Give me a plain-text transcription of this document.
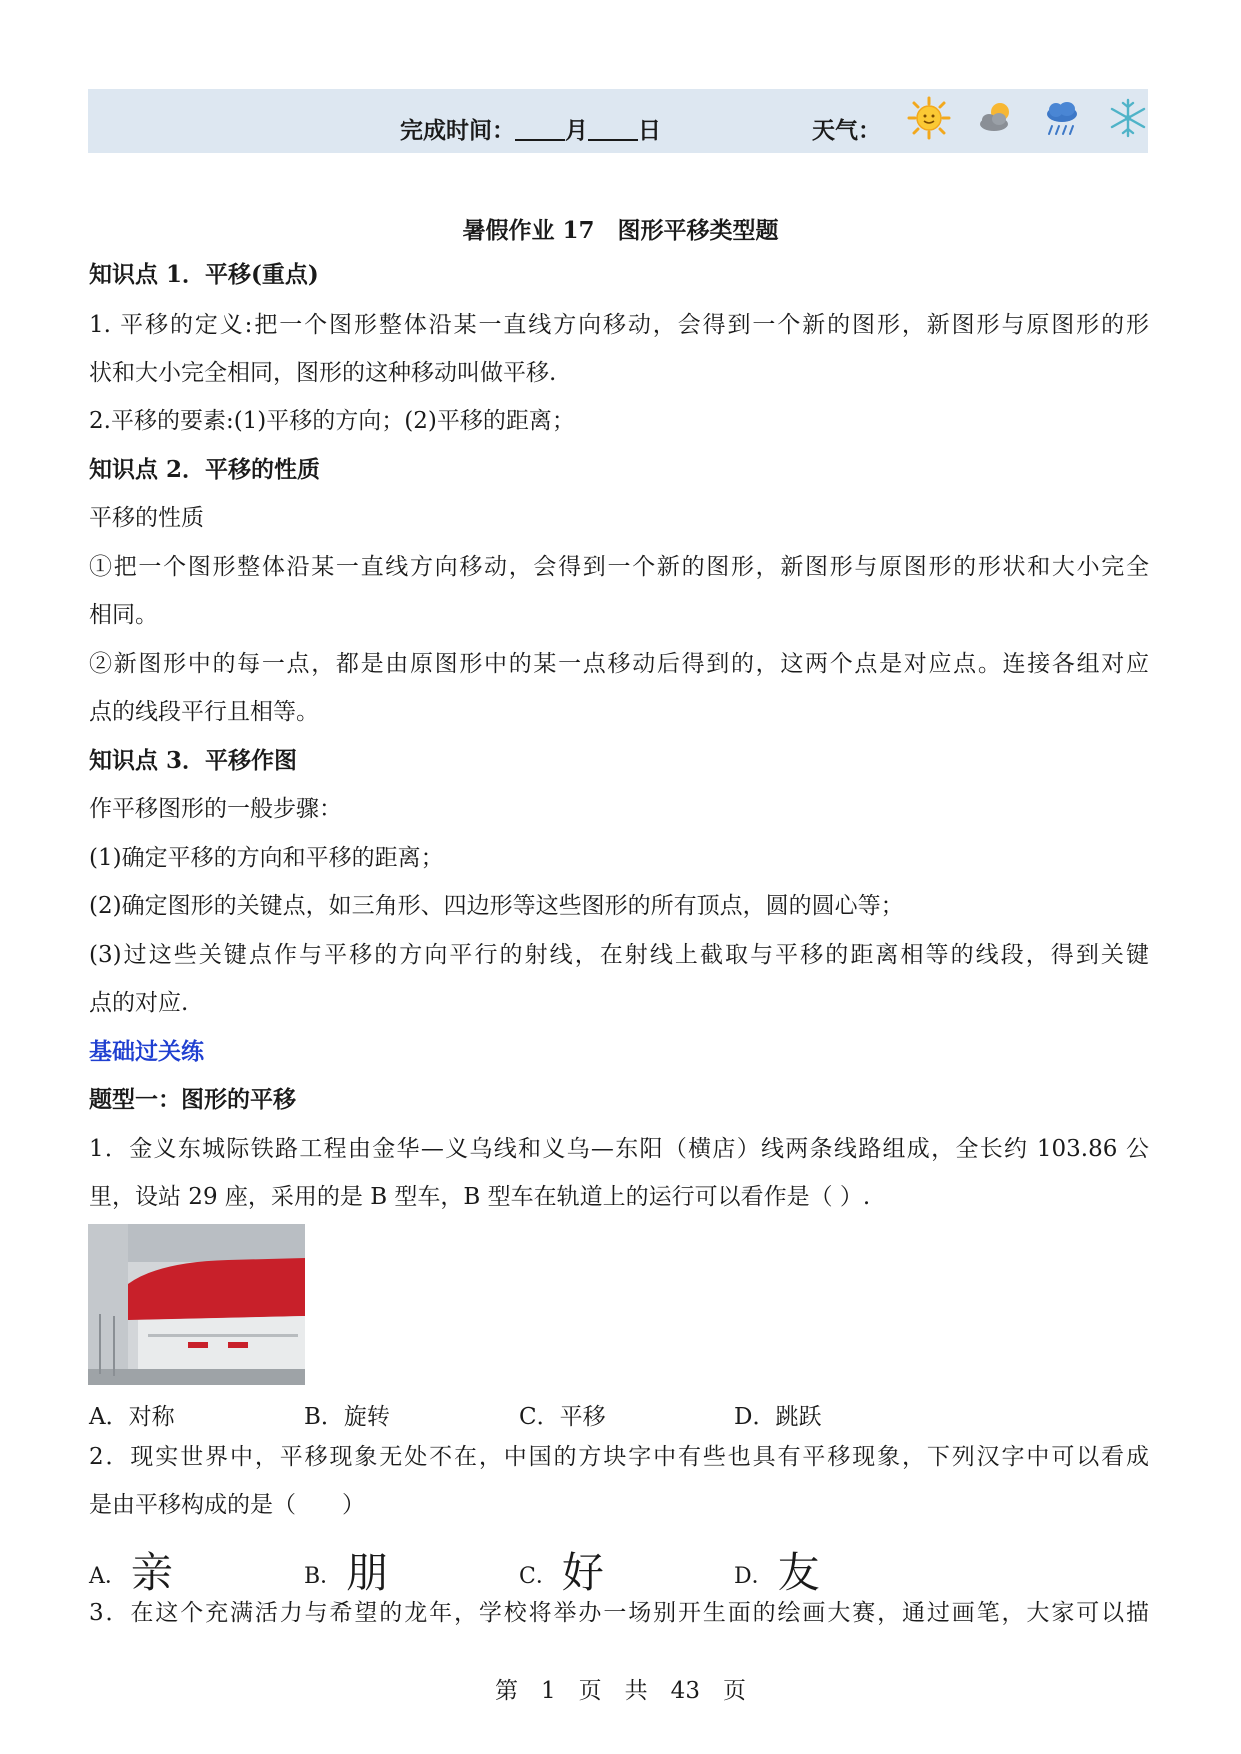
完成时间： 月 日	天气：
暑假作业 17　图形平移类型题
知识点 1．平移(重点)
1. 平移的定义:把一个图形整体沿某一直线方向移动，会得到一个新的图形，新图形与原图形的形
状和大小完全相同，图形的这种移动叫做平移.
2.平移的要素:(1)平移的方向；(2)平移的距离；
知识点 2．平移的性质
平移的性质
①把一个图形整体沿某一直线方向移动，会得到一个新的图形，新图形与原图形的形状和大小完全
相同。
②新图形中的每一点，都是由原图形中的某一点移动后得到的，这两个点是对应点。连接各组对应
点的线段平行且相等。
知识点 3．平移作图
作平移图形的一般步骤：
(1)确定平移的方向和平移的距离；
(2)确定图形的关键点，如三角形、四边形等这些图形的所有顶点，圆的圆心等；
(3)过这些关键点作与平移的方向平行的射线，在射线上截取与平移的距离相等的线段，得到关键
点的对应.
基础过关练
题型一：图形的平移
1．金义东城际铁路工程由金华—义乌线和义乌—东阳（横店）线两条线路组成，全长约 103.86 公
里，设站 29 座，采用的是 B 型车，B 型车在轨道上的运行可以看作是（ ）.
A．对称	B．旋转	C．平移	D．跳跃
2．现实世界中，平移现象无处不在，中国的方块字中有些也具有平移现象，下列汉字中可以看成
是由平移构成的是（　　）
A．亲	B．朋	C．好	D．友
3．在这个充满活力与希望的龙年，学校将举办一场别开生面的绘画大赛，通过画笔，大家可以描
第　1　页　共　43　页
